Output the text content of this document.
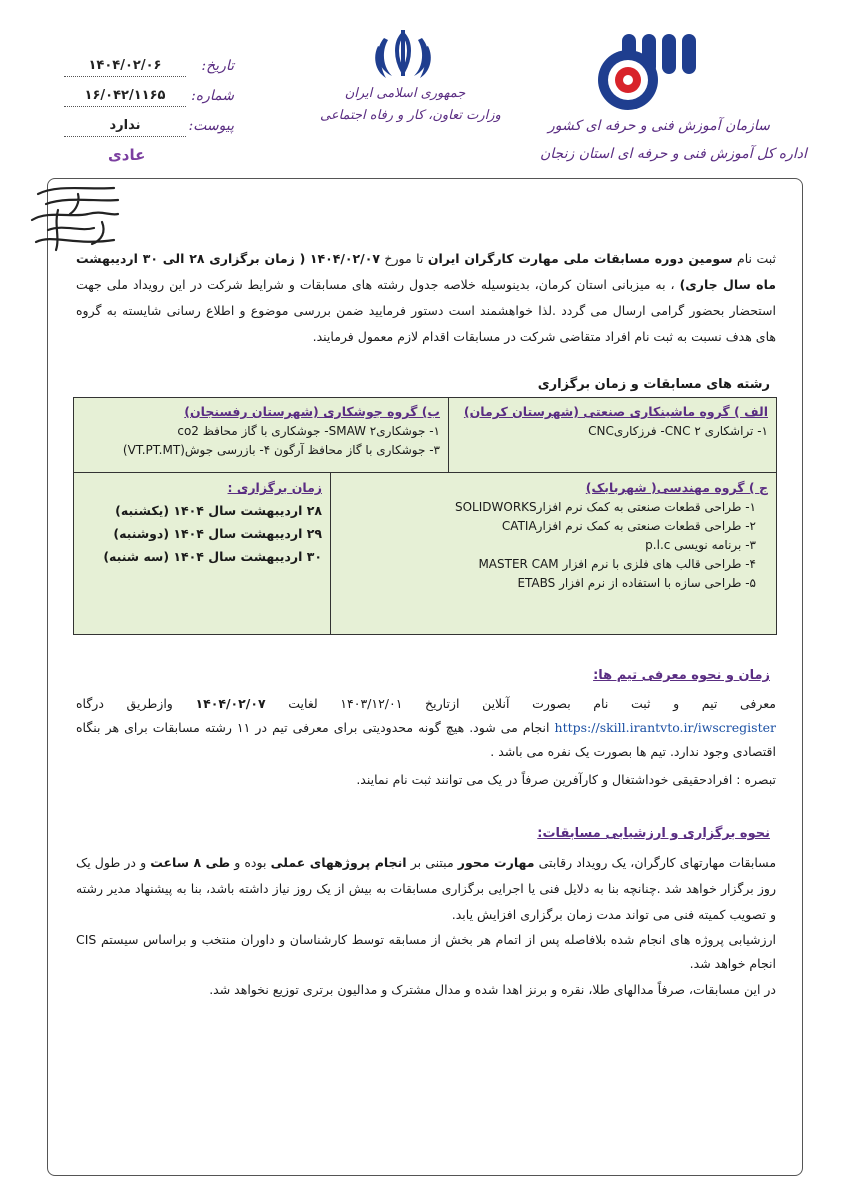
تاریخ:
۱۴۰۴/۰۲/۰۶
شماره:
۱۶/۰۴۲/۱۱۶۵
پیوست:
ندارد
عادی
جمهوری اسلامی ایران
وزارت تعاون، کار و رفاه اجتماعی
سازمان آموزش فنی و حرفه ای کشور
اداره کل آموزش فنی و حرفه ای استان زنجان
ثبت نام سومین دوره مسابقات ملی مهارت کارگران ایران تا مورخ ۱۴۰۴/۰۲/۰۷ ( زمان برگزاری ۲۸ الی ۳۰ اردیبهشت ماه سال جاری) ، به میزبانی استان کرمان، بدینوسیله خلاصه جدول رشته های مسابقات و شرایط شرکت در این رویداد ملی جهت استحضار بحضور گرامی ارسال می گردد .لذا خواهشمند است دستور فرمایید ضمن بررسی موضوع و اطلاع رسانی شایسته به گروه های هدف نسبت به ثبت نام افراد متقاضی شرکت در مسابقات اقدام لازم معمول فرمایند.
رشته های مسابقات و زمان برگزاری
الف ) گروه ماشینکاری صنعتی (شهرستان کرمان)
۱- تراشکاری CNC ۲- فرزکاریCNC
ب) گروه جوشکاری (شهرستان رفسنجان)
۱- جوشکاریSMAW ۲- جوشکاری با گاز محافظ co2
۳- جوشکاری با گاز محافظ آرگون ۴- بازرسی جوش(VT.PT.MT)
ج ) گروه مهندسی( شهربابک)
۱- طراحی قطعات صنعتی به کمک نرم افزارSOLIDWORKS
۲- طراحی قطعات صنعتی به کمک نرم افزارCATIA
۳- برنامه نویسی p.l.c
۴- طراحی قالب های فلزی با نرم افزار MASTER CAM
۵- طراحی سازه با استفاده از نرم افزار ETABS
زمان برگزاری :
۲۸ اردیبهشت سال ۱۴۰۴ (یکشنبه)
۲۹ اردیبهشت سال ۱۴۰۴ (دوشنبه)
۳۰ اردیبهشت سال ۱۴۰۴ (سه شنبه)
زمان و نحوه معرفی تیم ها:
معرفی تیم و ثبت نام بصورت آنلاین ازتاریخ ۱۴۰۳/۱۲/۰۱ لغایت ۱۴۰۴/۰۲/۰۷ وازطریق درگاه https://skill.irantvto.ir/iwscregister انجام می شود. هیچ گونه محدودیتی برای معرفی تیم در ۱۱ رشته مسابقات برای هر بنگاه اقتصادی وجود ندارد. تیم ها بصورت یک نفره می باشد .
تبصره : افرادحقیقی خوداشتغال و کارآفرین صرفاً در یک می توانند ثبت نام نمایند.
نحوه برگزاری و ارزشیابی مسابقات:
مسابقات مهارتهای کارگران، یک رویداد رقابتی مهارت محور مبتنی بر انجام پروژههای عملی بوده و طی ۸ ساعت و در طول یک روز برگزار خواهد شد .چنانچه بنا به دلایل فنی یا اجرایی برگزاری مسابقات به بیش از یک روز نیاز داشته باشد، بنا به پیشنهاد مدیر رشته و تصویب کمیته فنی می تواند مدت زمان برگزاری افزایش یابد.
ارزشیابی پروژه های انجام شده بلافاصله پس از اتمام هر بخش از مسابقه توسط کارشناسان و داوران منتخب و براساس سیستم CIS انجام خواهد شد.
در این مسابقات، صرفاً مدالهای طلا، نقره و برنز اهدا شده و مدال مشترک و مدالیون برتری توزیع نخواهد شد.
